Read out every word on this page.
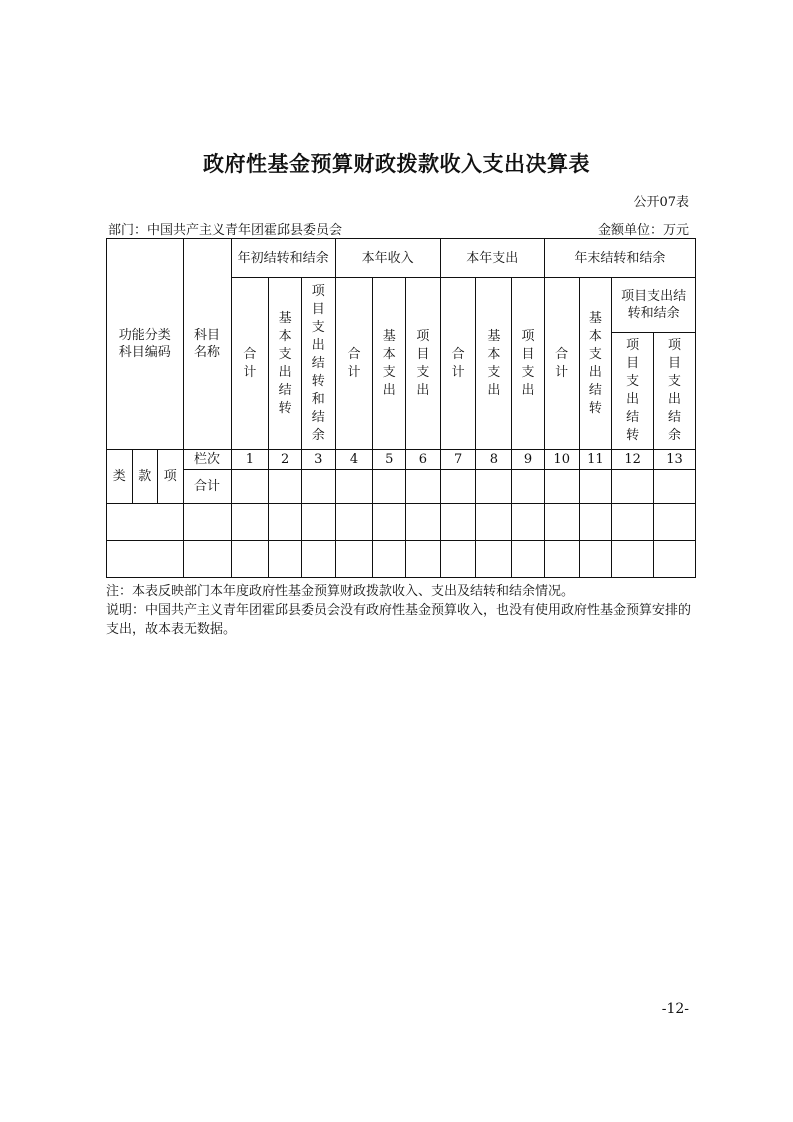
政府性基金预算财政拨款收入支出决算表
公开07表
部门：中国共产主义青年团霍邱县委员会	金额单位：万元
功能分类科目编码			科目名称	年初结转和结余			本年收入			本年支出			年末结转和结余			
				合计	基本支出结转	项目支出结转和结余	合计	基本支出	项目支出	合计	基本支出	项目支出	合计	基本支出结转	项目支出结转和结余	
															项目支出结转	项目支出结余
类	款	项	栏次	1	2	3	4	5	6	7	8	9	10	11	12	13
			合计													

注：本表反映部门本年度政府性基金预算财政拨款收入、支出及结转和结余情况。

说明：中国共产主义青年团霍邱县委员会没有政府性基金预算收入，也没有使用政府性基金预算安排的支出，故本表无数据。

-12-
